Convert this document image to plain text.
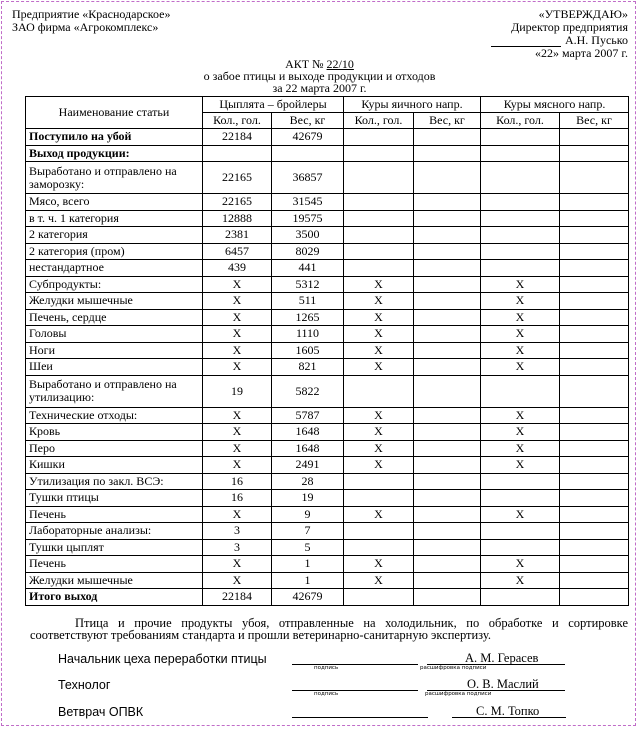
Предприятие «Краснодарское»
ЗАО фирма «Агрокомплекс»
«УТВЕРЖДАЮ»
Директор предприятия
А.Н. Пусько
«22» марта 2007 г.
АКТ № 22/10
о забое птицы и выходе продукции и отходов
за 22 марта 2007 г.
Наименование статьи	Цыплята – бройлеры		Куры яичного напр.		Куры мясного напр.	
	Кол., гол.	Вес, кг	Кол., гол.	Вес, кг	Кол., гол.	Вес, кг
Поступило на убой	22184	42679				
Выход продукции:						
Выработано и отправлено на заморозку:	22165	36857				
Мясо, всего	22165	31545				
в т. ч. 1 категория	12888	19575				
2 категория	2381	3500				
2 категория (пром)	6457	8029				
нестандартное	439	441				
Субпродукты:	Х	5312	Х		Х	
Желудки мышечные	Х	511	Х		Х	
Печень, сердце	Х	1265	Х		Х	
Головы	Х	1110	Х		Х	
Ноги	Х	1605	Х		Х	
Шеи	Х	821	Х		Х	
Выработано и отправлено на утилизацию:	19	5822				
Технические отходы:	Х	5787	Х		Х	
Кровь	Х	1648	Х		Х	
Перо	Х	1648	Х		Х	
Кишки	Х	2491	Х		Х	
Утилизация по закл. ВСЭ:	16	28				
Тушки птицы	16	19				
Печень	Х	9	Х		Х	
Лабораторные анализы:	3	7				
Тушки цыплят	3	5				
Печень	Х	1	Х		Х	
Желудки мышечные	Х	1	Х		Х	
Итого выход	22184	42679				
Птица и прочие продукты убоя, отправленные на холодильник, по обработке и сортировке соответствуют требованиям стандарта и прошли ветеринарно-санитарную экспертизу.
Начальник цеха переработки птицы	А. М. Герасев
подпись	расшифровка подписи
Технолог	О. В. Маслий
подпись	расшифровка подписи
Ветврач ОПВК	С. М. Топко
